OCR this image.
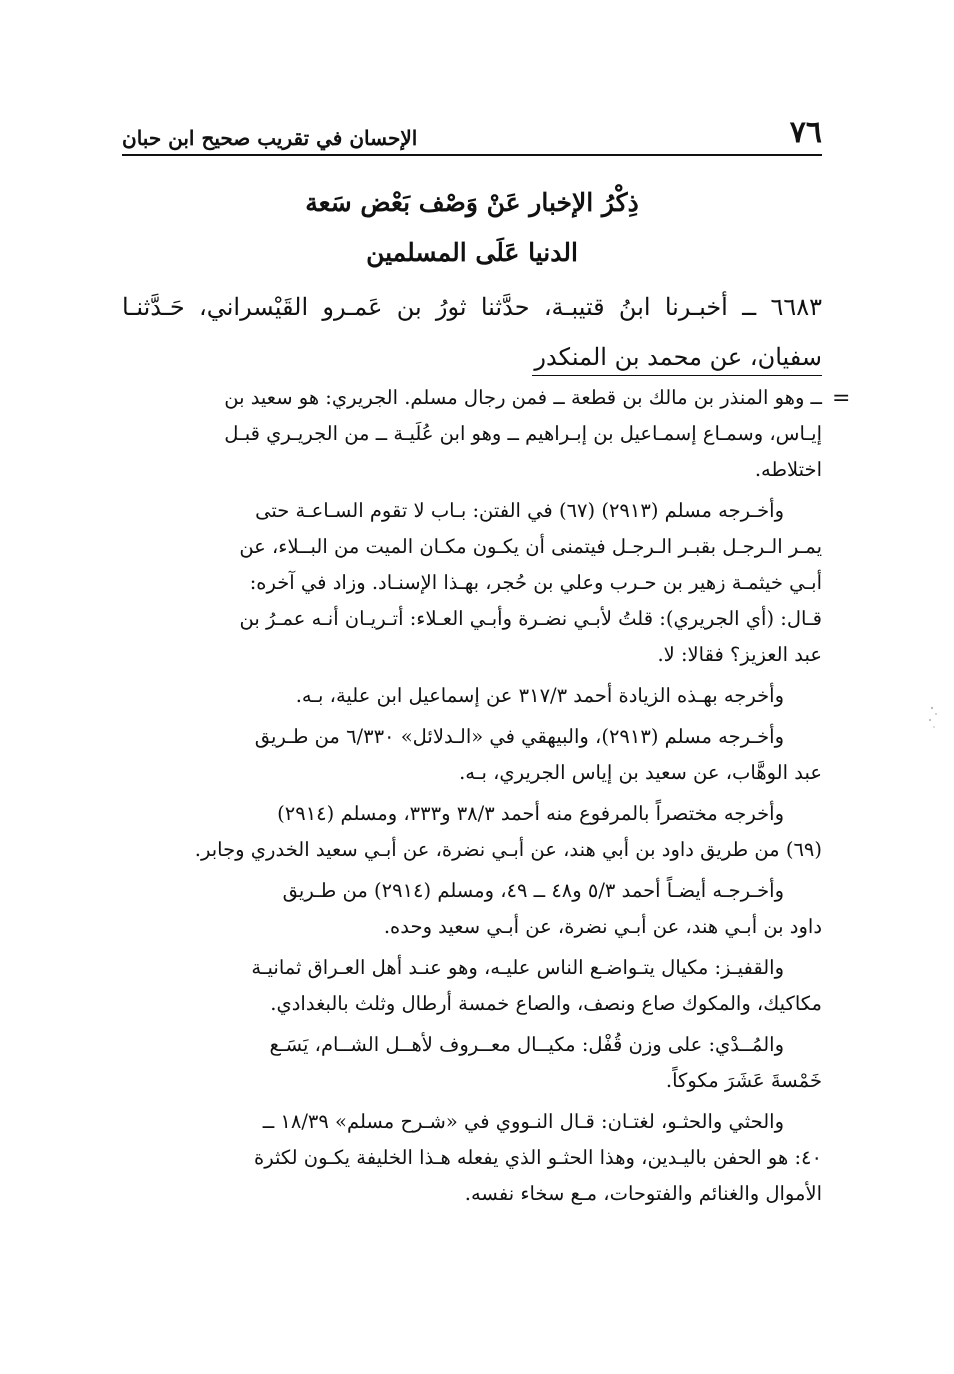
٧٦
الإحسان في تقريب صحيح ابن حبان
ذِكْرُ الإخبار عَنْ وَصْف بَعْض سَعة
الدنيا عَلَى المسلمين
٦٦٨٣ ــ أخبـرنا ابنُ قتيبـة، حدَّثنا ثورُ بن عَمـرو القَيْسراني، حَـدَّثنـا
سفيان، عن محمد بن المنكدر
=
ــ وهو المنذر بن مالك بن قطعة ــ فمن رجال مسلم. الجريري: هو سعيد بن
إيـاس، وسمـاع إسمـاعيل بن إبـراهيم ــ وهو ابن عُلَيـة ــ من الجريـري قبـل
اختلاطه.
وأخـرجه مسلم (٢٩١٣) (٦٧) في الفتن: بـاب لا تقوم السـاعـة حتى
يمـر الـرجـل بقبـر الـرجـل فيتمنى أن يكـون مكـان الميت من البــلاء، عن
أبـي خيثمـة زهير بن حـرب وعلي بن حُجر، بهـذا الإسنـاد. وزاد في آخره:
قـال: (أي الجريري): قلتُ لأبـي نضـرة وأبـي العـلاء: أتـريـان أنـه عمـرُ بن
عبد العزيز؟ فقالا: لا.
وأخرجه بهـذه الزيادة أحمد ٣١٧/٣ عن إسماعيل ابن علية، بـه.
وأخـرجه مسلم (٢٩١٣)، والبيهقي في «الـدلائل» ٦/٣٣٠ من طـريق
عبد الوهَّاب، عن سعيد بن إياس الجريري، بـه.
وأخرجه مختصراً بالمرفوع منه أحمد ٣٨/٣ و٣٣٣، ومسلم (٢٩١٤)
(٦٩) من طريق داود بن أبي هند، عن أبـي نضرة، عن أبـي سعيد الخدري وجابر.
وأخـرجـه أيضـاً أحمد ٥/٣ و٤٨ ــ ٤٩، ومسلم (٢٩١٤) من طـريق
داود بن أبـي هند، عن أبـي نضرة، عن أبـي سعيد وحده.
والقفيـز: مكيال يتـواضـع الناس عليـه، وهو عنـد أهل العـراق ثمانيـة
مكاكيك، والمكوك صاع ونصف، والصاع خمسة أرطال وثلث بالبغدادي.
والمُــدْي: على وزن قُفْل: مكيــال معــروف لأهــل الشــام، يَسَـع
خَمْسةَ عَشَرَ مكوكاً.
والحثي والحثـو، لغتـان: قـال النـووي في «شـرح مسلم» ١٨/٣٩ ــ
٤٠: هو الحفن باليـدين، وهذا الحثـو الذي يفعله هـذا الخليفة يكـون لكثرة
الأموال والغنائم والفتوحات، مـع سخاء نفسه.
